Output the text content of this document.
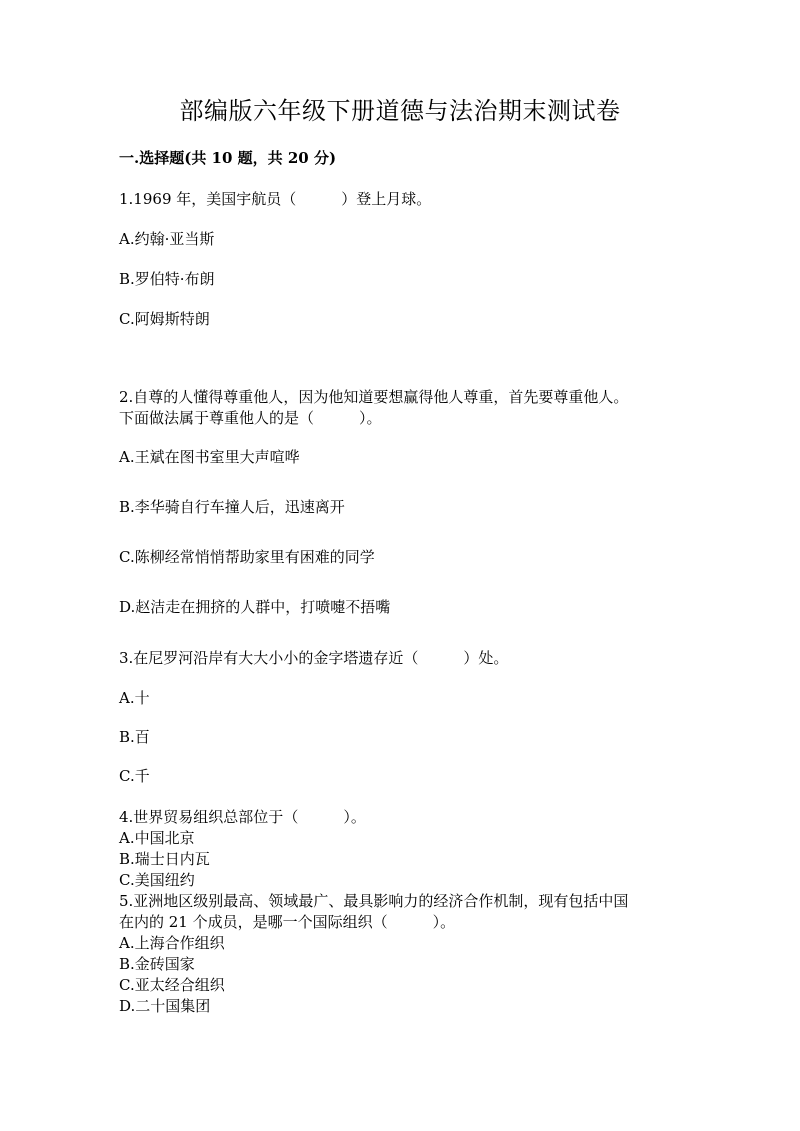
部编版六年级下册道德与法治期末测试卷
一.选择题(共 10 题，共 20 分)
1.1969 年，美国宇航员（　　　）登上月球。
A.约翰·亚当斯
B.罗伯特·布朗
C.阿姆斯特朗
2.自尊的人懂得尊重他人，因为他知道要想赢得他人尊重，首先要尊重他人。
下面做法属于尊重他人的是（　　　）。
A.王斌在图书室里大声喧哗
B.李华骑自行车撞人后，迅速离开
C.陈柳经常悄悄帮助家里有困难的同学
D.赵洁走在拥挤的人群中，打喷嚏不捂嘴
3.在尼罗河沿岸有大大小小的金字塔遗存近（　　　）处。
A.十
B.百
C.千
4.世界贸易组织总部位于（　　　）。
A.中国北京
B.瑞士日内瓦
C.美国纽约
5.亚洲地区级别最高、领域最广、最具影响力的经济合作机制，现有包括中国
在内的 21 个成员，是哪一个国际组织（　　　）。
A.上海合作组织
B.金砖国家
C.亚太经合组织
D.二十国集团
